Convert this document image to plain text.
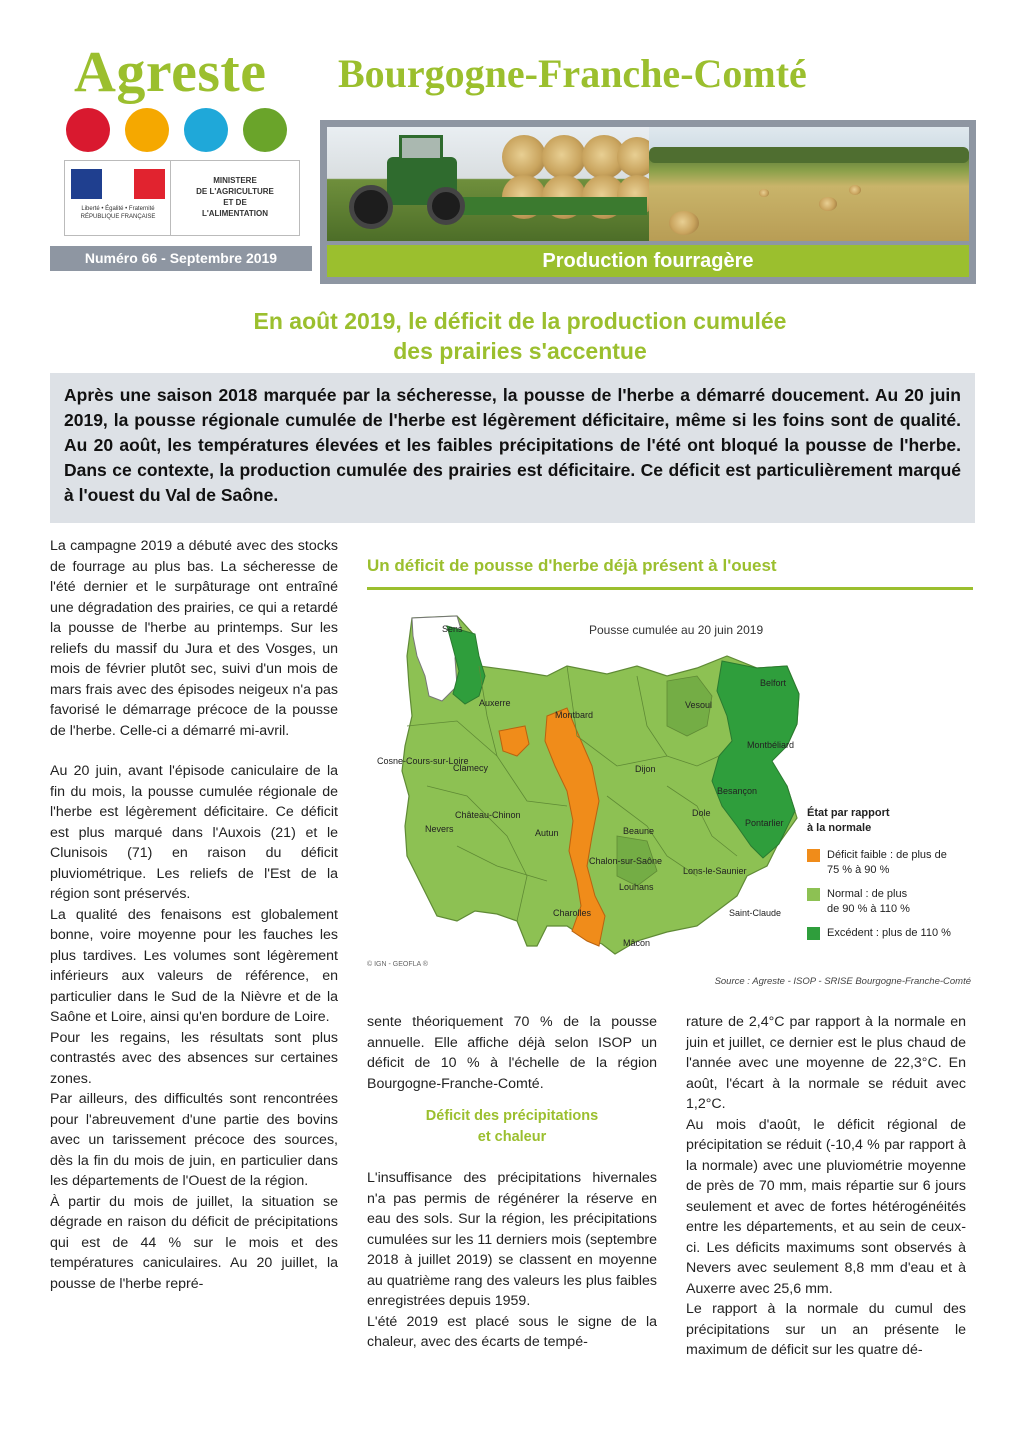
Agreste Bourgogne-Franche-Comté
Liberté • Égalité • Fraternité
RÉPUBLIQUE FRANÇAISE
MINISTERE
DE L'AGRICULTURE
ET DE
L'ALIMENTATION
Numéro 66 - Septembre 2019	Production fourragère
En août 2019, le déficit de la production cumulée
des prairies s'accentue
Après une saison 2018 marquée par la sécheresse, la pousse de l'herbe a démarré doucement. Au 20 juin 2019, la pousse régionale cumulée de l'herbe est légèrement déficitaire, même si les foins sont de qualité. Au 20 août, les températures élevées et les faibles précipitations de l'été ont bloqué la pousse de l'herbe. Dans ce contexte, la production cumulée des prairies est déficitaire. Ce déficit est particulièrement marqué à l'ouest du Val de Saône.

La campagne 2019 a débuté avec des stocks de fourrage au plus bas. La sécheresse de l'été dernier et le surpâturage ont entraîné une dégradation des prairies, ce qui a retardé la pousse de l'herbe au printemps. Sur les reliefs du massif du Jura et des Vosges, un mois de février plutôt sec, suivi d'un mois de mars frais avec des épisodes neigeux n'a pas favorisé le démarrage précoce de la pousse de l'herbe. Celle-ci a démarré mi-avril.

Au 20 juin, avant l'épisode caniculaire de la fin du mois, la pousse cumulée régionale de l'herbe est légèrement déficitaire. Ce déficit est plus marqué dans l'Auxois (21) et le Clunisois (71) en raison du déficit pluviométrique. Les reliefs de l'Est de la région sont préservés.

La qualité des fenaisons est globalement bonne, voire moyenne pour les fauches les plus tardives. Les volumes sont légèrement inférieurs aux valeurs de référence, en particulier dans le Sud de la Nièvre et de la Saône et Loire, ainsi qu'en bordure de Loire.

Pour les regains, les résultats sont plus contrastés avec des absences sur certaines zones.

Par ailleurs, des difficultés sont rencontrées pour l'abreuvement d'une partie des bovins avec un tarissement précoce des sources, dès la fin du mois de juin, en particulier dans les départements de l'Ouest de la région.

À partir du mois de juillet, la situation se dégrade en raison du déficit de précipitations qui est de 44 % sur le mois et des températures caniculaires. Au 20 juillet, la pousse de l'herbe repré-

Un déficit de pousse d'herbe déjà présent à l'ouest
Sens
Auxerre
Montbard
Dijon
Vesoul
Belfort
Montbéliard
Besançon
Pontarlier
Dole
Beaune
Chalon-sur-Saône
Louhans
Lons-le-Saunier
Saint-Claude
Mâcon
Charolles
Autun
Nevers
Château-Chinon
Clamecy
Cosne-Cours-sur-Loire
Pousse cumulée au 20 juin 2019
État par rapport
à la normale
Déficit faible : de plus de
75 % à 90 %
Normal : de plus
de 90 % à 110 %
Excédent : plus de 110 %
© IGN - GEOFLA ®
Source : Agreste - ISOP - SRISE Bourgogne-Franche-Comté

sente théoriquement 70 % de la pousse annuelle. Elle affiche déjà selon ISOP un déficit de 10 % à l'échelle de la région Bourgogne-Franche-Comté.

Déficit des précipitations
et chaleur

L'insuffisance des précipitations hivernales n'a pas permis de régénérer la réserve en eau des sols. Sur la région, les précipitations cumulées sur les 11 derniers mois (septembre 2018 à juillet 2019) se classent en moyenne au quatrième rang des valeurs les plus faibles enregistrées depuis 1959.

L'été 2019 est placé sous le signe de la chaleur, avec des écarts de tempé-

rature de 2,4°C par rapport à la normale en juin et juillet, ce dernier est le plus chaud de l'année avec une moyenne de 22,3°C. En août, l'écart à la normale se réduit avec 1,2°C.

Au mois d'août, le déficit régional de précipitation se réduit (-10,4 % par rapport à la normale) avec une pluviométrie moyenne de près de 70 mm, mais répartie sur 6 jours seulement et avec de fortes hétérogénéités entre les départements, et au sein de ceux-ci. Les déficits maximums sont observés à Nevers avec seulement 8,8 mm d'eau et à Auxerre avec 25,6 mm.

Le rapport à la normale du cumul des précipitations sur un an présente le maximum de déficit sur les quatre dé-
